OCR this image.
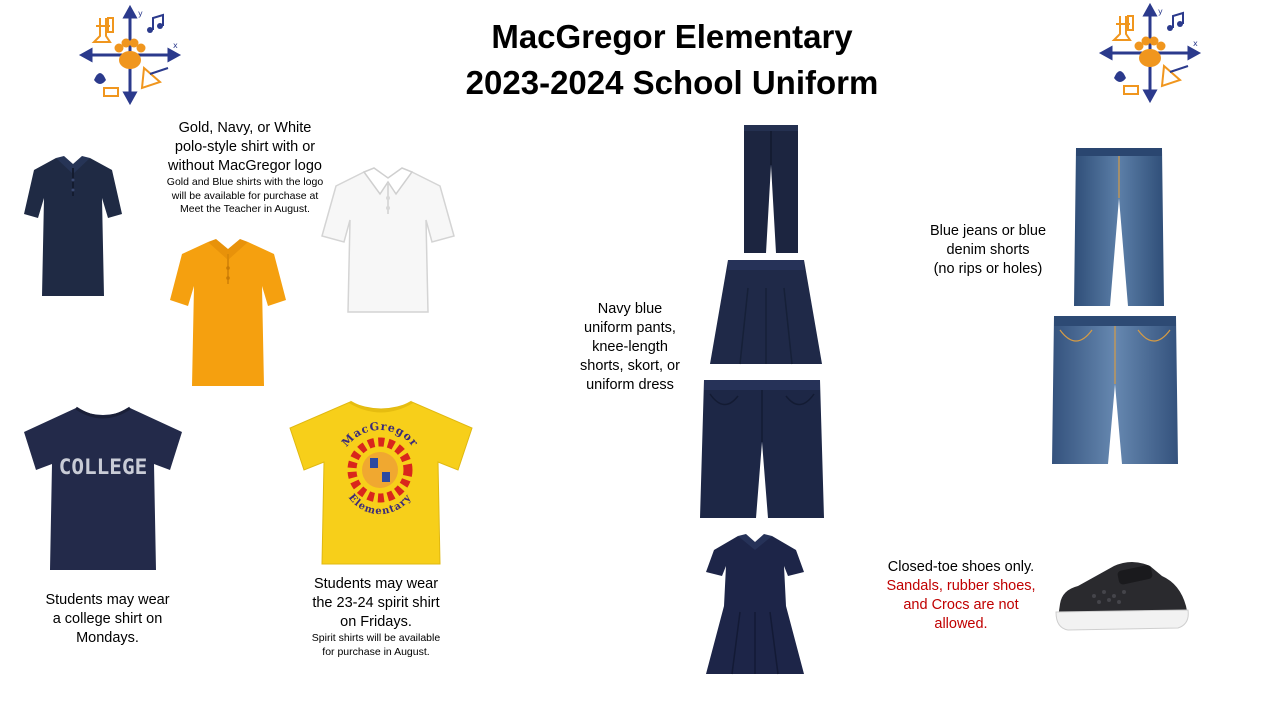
y
x
y
x
MacGregor Elementary
2023-2024 School Uniform
Gold, Navy, or White
polo-style shirt with or
without MacGregor logo
Gold and Blue shirts with the logo
will be available for purchase at
Meet the Teacher in August.
COLLEGE
MacGregor
Elementary
Students may wear
a college shirt on
Mondays.
Students may wear
the 23-24 spirit shirt
on Fridays.
Spirit shirts will be available
for purchase in August.
Navy blue
uniform pants,
knee-length
shorts, skort, or
uniform dress
Blue jeans or blue
denim shorts
(no rips or holes)
Closed-toe shoes only.
Sandals, rubber shoes,
and Crocs are not
allowed.
